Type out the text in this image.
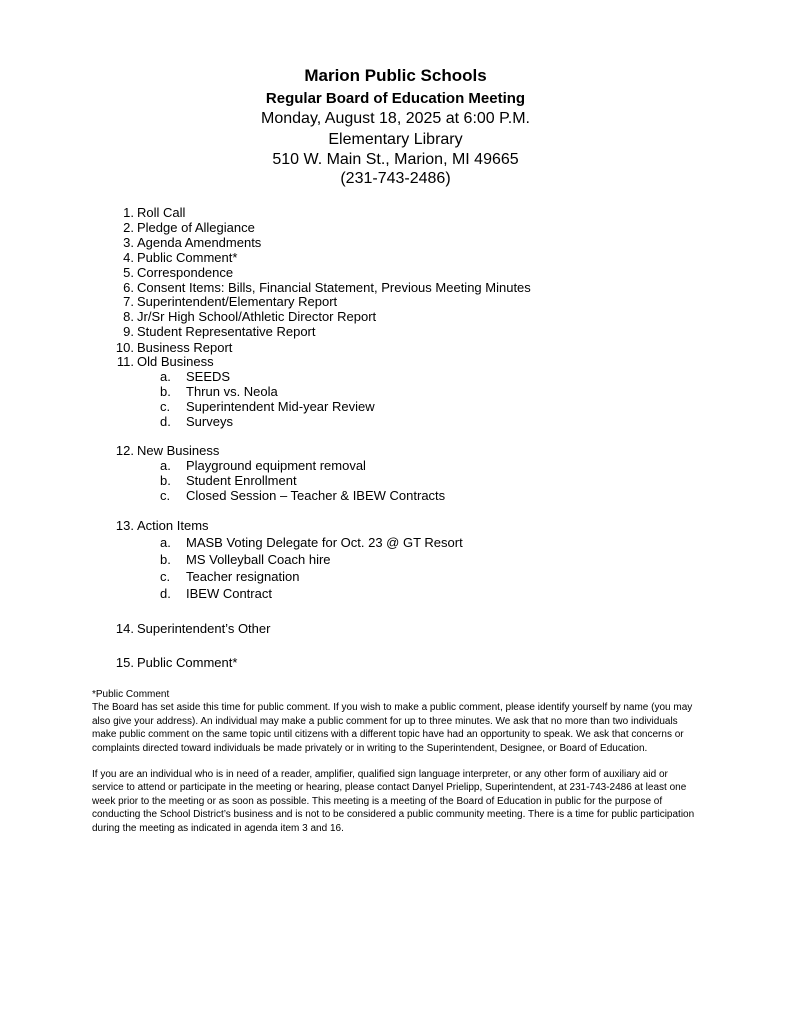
Marion Public Schools
Regular Board of Education Meeting
Monday, August 18, 2025 at 6:00 P.M.
Elementary Library
510 W. Main St., Marion, MI 49665
(231-743-2486)
1. Roll Call
2. Pledge of Allegiance
3. Agenda Amendments
4. Public Comment*
5. Correspondence
6. Consent Items: Bills, Financial Statement, Previous Meeting Minutes
7. Superintendent/Elementary Report
8. Jr/Sr High School/Athletic Director Report
9. Student Representative Report
10. Business Report
11. Old Business
a.	SEEDS
b.	Thrun vs. Neola
c.	Superintendent Mid-year Review
d.	Surveys
12. New Business
a.	Playground equipment removal
b.	Student Enrollment
c.	Closed Session – Teacher & IBEW Contracts
13. Action Items
a.	MASB Voting Delegate for Oct. 23 @ GT Resort
b.	MS Volleyball Coach hire
c.	Teacher resignation
d.	IBEW Contract
14. Superintendent’s Other
15. Public Comment*

*Public Comment

The Board has set aside this time for public comment. If you wish to make a public comment, please identify yourself by name (you may also give your address). An individual may make a public comment for up to three minutes. We ask that no more than two individuals make public comment on the same topic until citizens with a different topic have had an opportunity to speak. We ask that concerns or complaints directed toward individuals be made privately or in writing to the Superintendent, Designee, or Board of Education.

If you are an individual who is in need of a reader, amplifier, qualified sign language interpreter, or any other form of auxiliary aid or service to attend or participate in the meeting or hearing, please contact Danyel Prielipp, Superintendent, at 231-743-2486 at least one week prior to the meeting or as soon as possible. This meeting is a meeting of the Board of Education in public for the purpose of conducting the School District’s business and is not to be considered a public community meeting. There is a time for public participation during the meeting as indicated in agenda item 3 and 16.
